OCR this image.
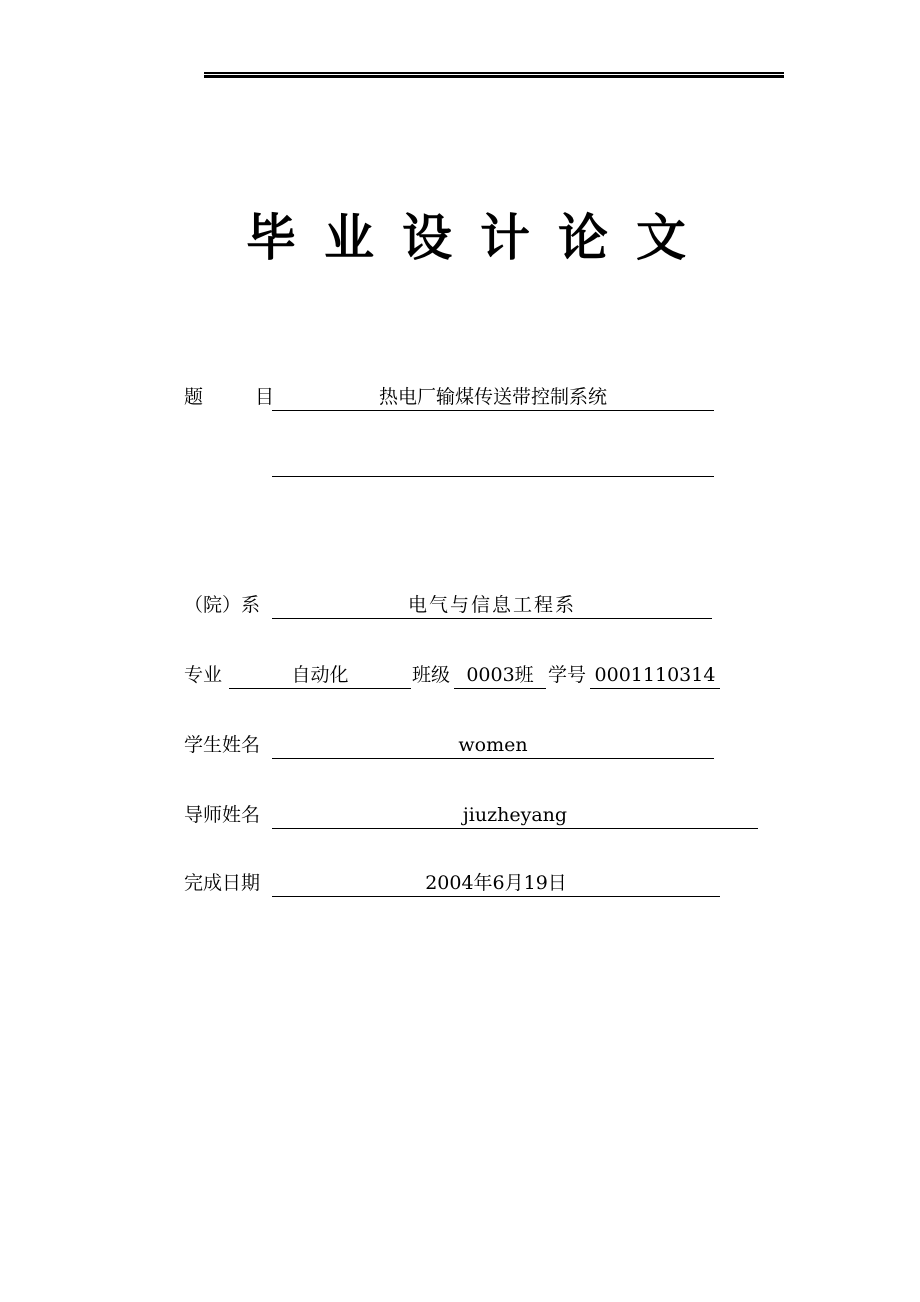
毕业设计论文
题	目	热电厂输煤传送带控制系统
（院）系	电气与信息工程系
专业	自动化	班级 0003班 学号 0001110314
学生姓名	women
导师姓名	jiuzheyang
完成日期	2004年6月19日
